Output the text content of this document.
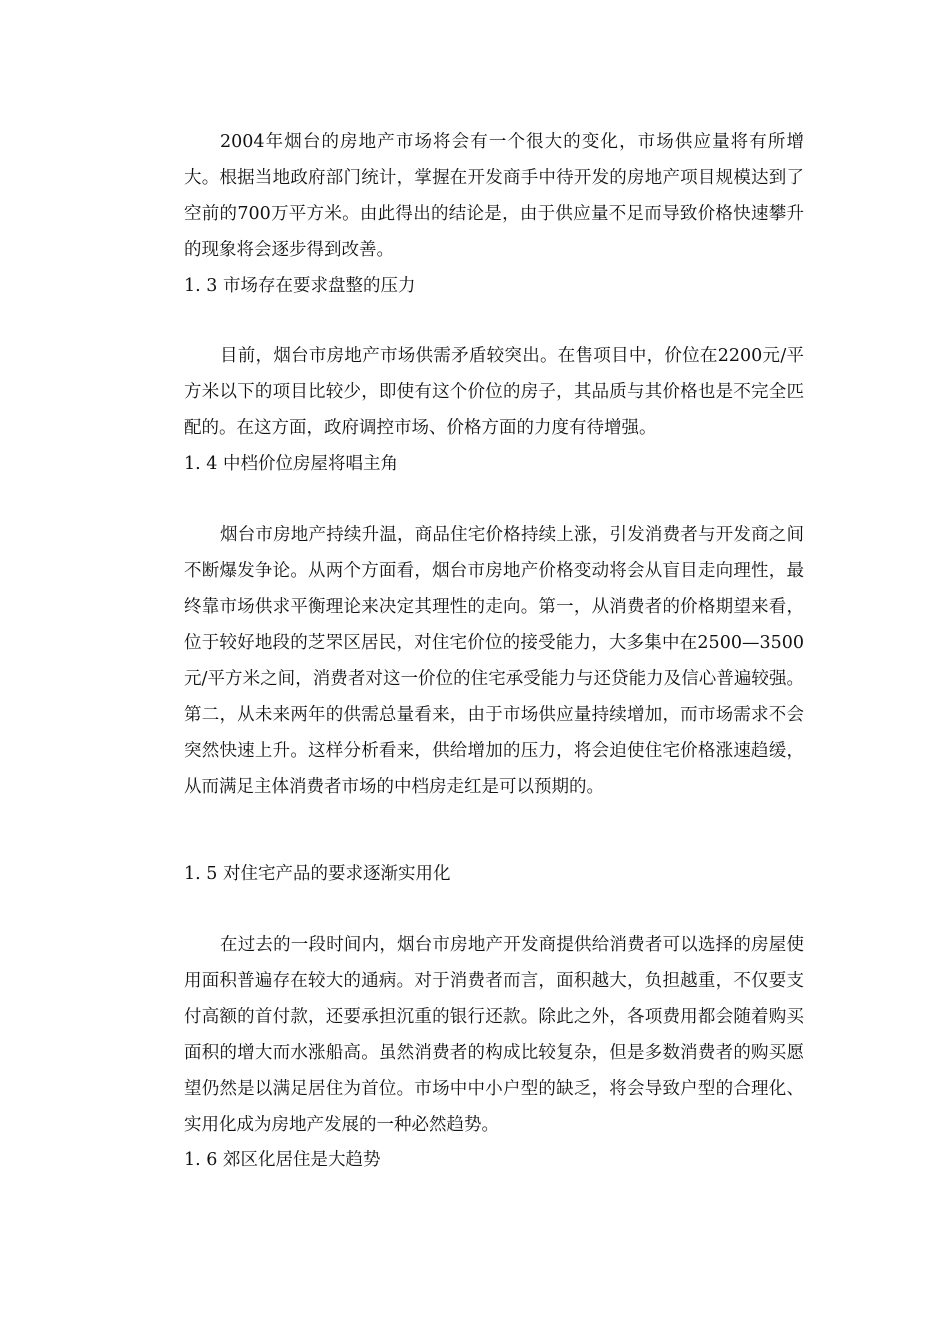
2004年烟台的房地产市场将会有一个很大的变化，市场供应量将有所增大。根据当地政府部门统计，掌握在开发商手中待开发的房地产项目规模达到了空前的700万平方米。由此得出的结论是，由于供应量不足而导致价格快速攀升的现象将会逐步得到改善。

1. 3 市场存在要求盘整的压力

目前，烟台市房地产市场供需矛盾较突出。在售项目中，价位在2200元/平方米以下的项目比较少，即使有这个价位的房子，其品质与其价格也是不完全匹配的。在这方面，政府调控市场、价格方面的力度有待增强。

1. 4 中档价位房屋将唱主角

烟台市房地产持续升温，商品住宅价格持续上涨，引发消费者与开发商之间不断爆发争论。从两个方面看，烟台市房地产价格变动将会从盲目走向理性，最终靠市场供求平衡理论来决定其理性的走向。第一，从消费者的价格期望来看，位于较好地段的芝罘区居民，对住宅价位的接受能力，大多集中在2500—3500元/平方米之间，消费者对这一价位的住宅承受能力与还贷能力及信心普遍较强。第二，从未来两年的供需总量看来，由于市场供应量持续增加，而市场需求不会突然快速上升。这样分析看来，供给增加的压力，将会迫使住宅价格涨速趋缓，从而满足主体消费者市场的中档房走红是可以预期的。

1. 5 对住宅产品的要求逐渐实用化

在过去的一段时间内，烟台市房地产开发商提供给消费者可以选择的房屋使用面积普遍存在较大的通病。对于消费者而言，面积越大，负担越重，不仅要支付高额的首付款，还要承担沉重的银行还款。除此之外，各项费用都会随着购买面积的增大而水涨船高。虽然消费者的构成比较复杂，但是多数消费者的购买愿望仍然是以满足居住为首位。市场中中小户型的缺乏，将会导致户型的合理化、实用化成为房地产发展的一种必然趋势。

1. 6 郊区化居住是大趋势
